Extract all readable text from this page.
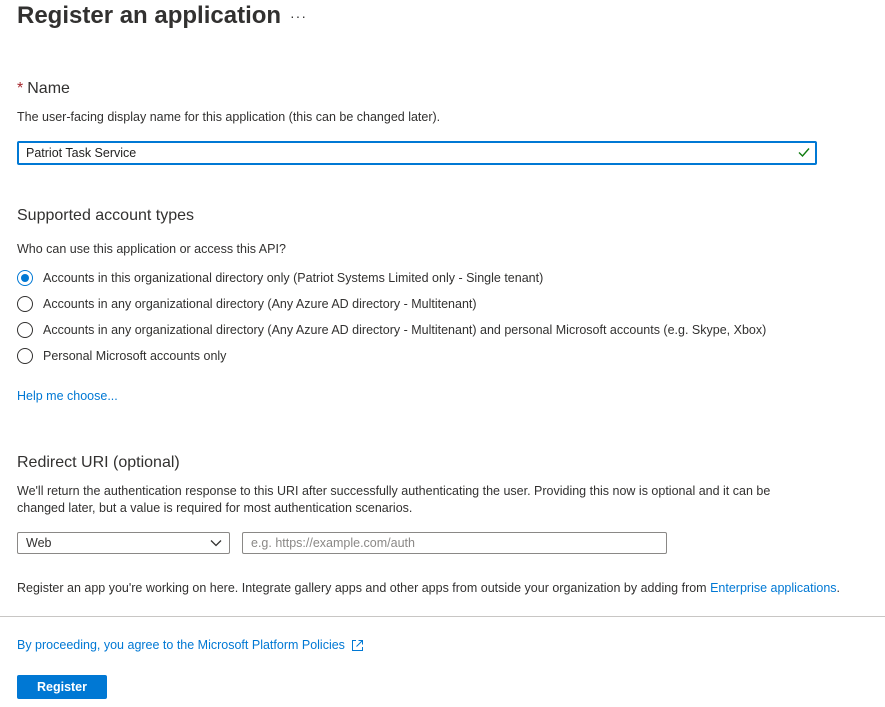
Register an application ···
* Name
The user-facing display name for this application (this can be changed later).
Patriot Task Service
Supported account types
Who can use this application or access this API?
Accounts in this organizational directory only (Patriot Systems Limited only - Single tenant)
Accounts in any organizational directory (Any Azure AD directory - Multitenant)
Accounts in any organizational directory (Any Azure AD directory - Multitenant) and personal Microsoft accounts (e.g. Skype, Xbox)
Personal Microsoft accounts only
Help me choose...
Redirect URI (optional)
We'll return the authentication response to this URI after successfully authenticating the user. Providing this now is optional and it can be
changed later, but a value is required for most authentication scenarios.
Web
e.g. https://example.com/auth
Register an app you're working on here. Integrate gallery apps and other apps from outside your organization by adding from Enterprise applications.
By proceeding, you agree to the Microsoft Platform Policies
Register
